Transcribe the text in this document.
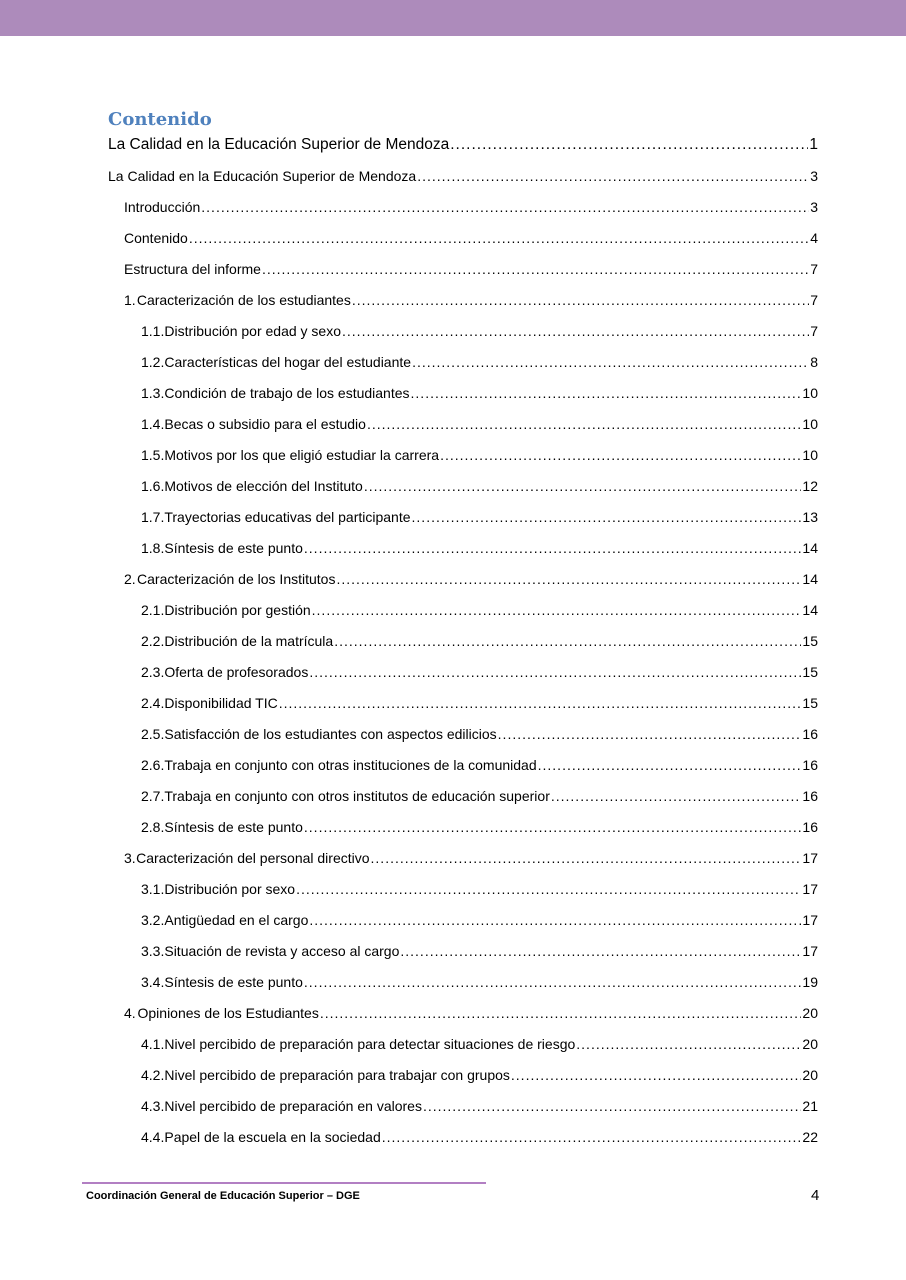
Contenido
La Calidad en la Educación Superior de Mendoza .....	1
La Calidad en la Educación Superior de Mendoza .....	3
Introducción .....	3
Contenido .....	4
Estructura del informe .....	7
1. Caracterización de los estudiantes .....	7
1.1. Distribución por edad y sexo .....	7
1.2. Características del hogar del estudiante .....	8
1.3. Condición de trabajo de los estudiantes .....	10
1.4. Becas o subsidio para el estudio .....	10
1.5. Motivos por los que eligió estudiar la carrera .....	10
1.6. Motivos de elección del Instituto .....	12
1.7. Trayectorias educativas del participante .....	13
1.8. Síntesis de este punto .....	14
2. Caracterización de los Institutos .....	14
2.1. Distribución por gestión .....	14
2.2. Distribución de la matrícula .....	15
2.3. Oferta de profesorados .....	15
2.4. Disponibilidad TIC .....	15
2.5. Satisfacción de los estudiantes con aspectos edilicios .....	16
2.6. Trabaja en conjunto con otras instituciones de la comunidad .....	16
2.7. Trabaja en conjunto con otros institutos de educación superior .....	16
2.8. Síntesis de este punto .....	16
3. Caracterización del personal directivo .....	17
3.1. Distribución por sexo .....	17
3.2. Antigüedad en el cargo .....	17
3.3. Situación de revista y acceso al cargo .....	17
3.4. Síntesis de este punto .....	19
4. Opiniones de los Estudiantes .....	20
4.1. Nivel percibido de preparación para detectar situaciones de riesgo .....	20
4.2. Nivel percibido de preparación para trabajar con grupos .....	20
4.3. Nivel percibido de preparación en valores .....	21
4.4. Papel de la escuela en la sociedad .....	22
Coordinación General de Educación Superior – DGE	4
